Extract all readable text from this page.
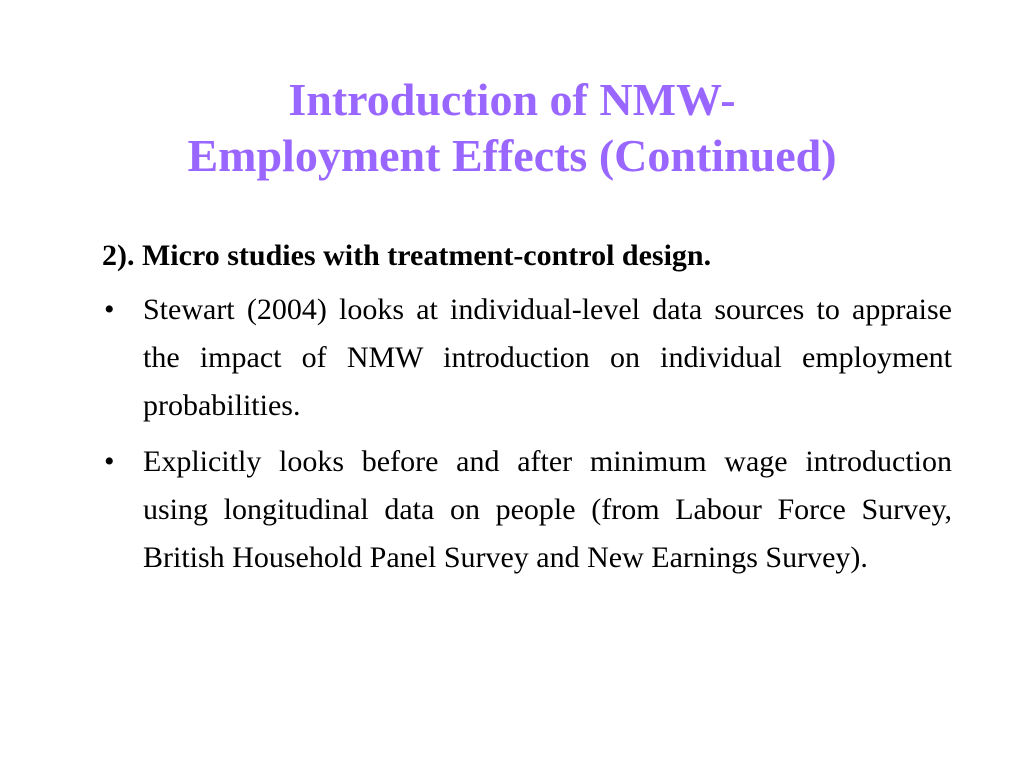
Introduction of NMW-
Employment Effects (Continued)

2). Micro studies with treatment-control design.

• Stewart (2004) looks at individual-level data sources to appraise the impact of NMW introduction on individual employment probabilities.
• Explicitly looks before and after minimum wage introduction using longitudinal data on people (from Labour Force Survey, British Household Panel Survey and New Earnings Survey).
